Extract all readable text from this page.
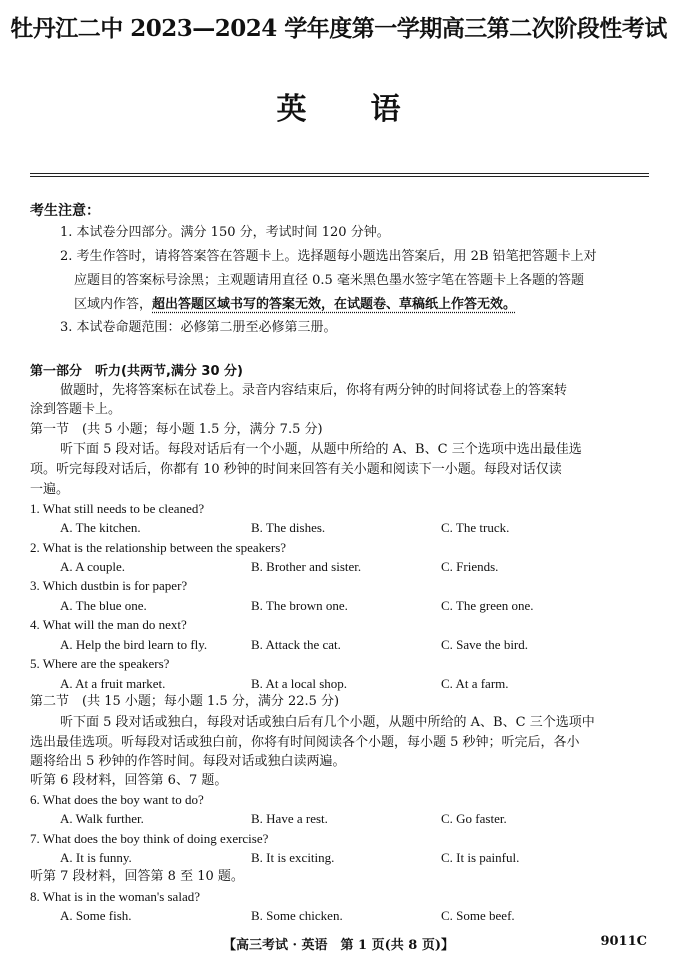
牡丹江二中 2023—2024 学年度第一学期高三第二次阶段性考试
英 语
考生注意：
1. 本试卷分四部分。满分 150 分，考试时间 120 分钟。
2. 考生作答时，请将答案答在答题卡上。选择题每小题选出答案后，用 2B 铅笔把答题卡上对
应题目的答案标号涂黑；主观题请用直径 0.5 毫米黑色墨水签字笔在答题卡上各题的答题
区域内作答，超出答题区域书写的答案无效，在试题卷、草稿纸上作答无效。
3. 本试卷命题范围：必修第二册至必修第三册。
第一部分　听力(共两节,满分 30 分)
做题时，先将答案标在试卷上。录音内容结束后，你将有两分钟的时间将试卷上的答案转
涂到答题卡上。
第一节　(共 5 小题；每小题 1.5 分，满分 7.5 分)
听下面 5 段对话。每段对话后有一个小题，从题中所给的 A、B、C 三个选项中选出最佳选
项。听完每段对话后，你都有 10 秒钟的时间来回答有关小题和阅读下一小题。每段对话仅读
一遍。
1. What still needs to be cleaned?
A. The kitchen.	B. The dishes.	C. The truck.
2. What is the relationship between the speakers?
A. A couple.	B. Brother and sister.	C. Friends.
3. Which dustbin is for paper?
A. The blue one.	B. The brown one.	C. The green one.
4. What will the man do next?
A. Help the bird learn to fly.	B. Attack the cat.	C. Save the bird.
5. Where are the speakers?
A. At a fruit market.	B. At a local shop.	C. At a farm.
第二节　(共 15 小题；每小题 1.5 分，满分 22.5 分)
听下面 5 段对话或独白，每段对话或独白后有几个小题，从题中所给的 A、B、C 三个选项中
选出最佳选项。听每段对话或独白前，你将有时间阅读各个小题，每小题 5 秒钟；听完后，各小
题将给出 5 秒钟的作答时间。每段对话或独白读两遍。
听第 6 段材料，回答第 6、7 题。
6. What does the boy want to do?
A. Walk further.	B. Have a rest.	C. Go faster.
7. What does the boy think of doing exercise?
A. It is funny.	B. It is exciting.	C. It is painful.
听第 7 段材料，回答第 8 至 10 题。
8. What is in the woman's salad?
A. Some fish.	B. Some chicken.	C. Some beef.
【高三考试 · 英语　第 1 页(共 8 页)】	9011C
